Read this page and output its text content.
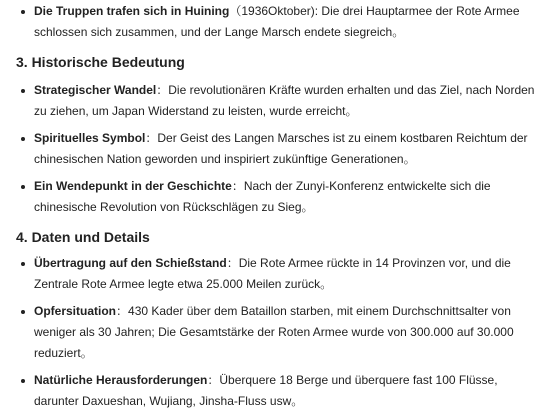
Die Truppen trafen sich in Huining（1936Oktober): Die drei Hauptarmee der Rote Armee schlossen sich zusammen, und der Lange Marsch endete siegreich。
3. Historische Bedeutung
Strategischer Wandel：Die revolutionären Kräfte wurden erhalten und das Ziel, nach Norden zu ziehen, um Japan Widerstand zu leisten, wurde erreicht。
Spirituelles Symbol：Der Geist des Langen Marsches ist zu einem kostbaren Reichtum der chinesischen Nation geworden und inspiriert zukünftige Generationen。
Ein Wendepunkt in der Geschichte：Nach der Zunyi-Konferenz entwickelte sich die chinesische Revolution von Rückschlägen zu Sieg。
4. Daten und Details
Übertragung auf den Schießstand：Die Rote Armee rückte in 14 Provinzen vor, und die Zentrale Rote Armee legte etwa 25.000 Meilen zurück。
Opfersituation：430 Kader über dem Bataillon starben, mit einem Durchschnittsalter von weniger als 30 Jahren; Die Gesamtstärke der Roten Armee wurde von 300.000 auf 30.000 reduziert。
Natürliche Herausforderungen：Überquere 18 Berge und überquere fast 100 Flüsse, darunter Daxueshan, Wujiang, Jinsha-Fluss usw。
